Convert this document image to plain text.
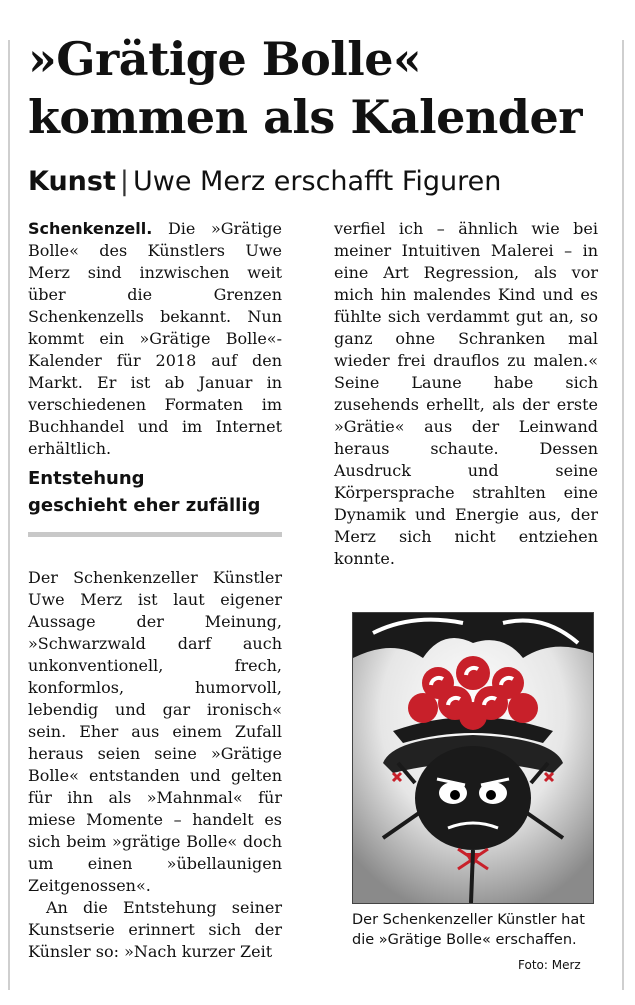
»Grätige Bolle«
kommen als Kalender
Kunst | Uwe Merz erschafft Figuren

Schenkenzell. Die »Grätige Bolle« des Künstlers Uwe Merz sind inzwischen weit über die Grenzen Schenkenzells bekannt. Nun kommt ein »Grätige Bolle«-Kalender für 2018 auf den Markt. Er ist ab Januar in verschiedenen Formaten im Buchhandel und im Internet erhältlich.

Entstehung
geschieht eher zufällig

Der Schenkenzeller Künstler Uwe Merz ist laut eigener Aussage der Meinung, »Schwarzwald darf auch unkonventionell, frech, konformlos, humorvoll, lebendig und gar ironisch« sein. Eher aus einem Zufall heraus seien seine »Grätige Bolle« entstanden und gelten für ihn als »Mahnmal« für miese Momente – handelt es sich beim »grätige Bolle« doch um einen »übellaunigen Zeitgenossen«.

An die Entstehung seiner Kunstserie erinnert sich der Künsler so: »Nach kurzer Zeit

verfiel ich – ähnlich wie bei meiner Intuitiven Malerei – in eine Art Regression, als vor mich hin malendes Kind und es fühlte sich verdammt gut an, so ganz ohne Schranken mal wieder frei drauflos zu malen.« Seine Laune habe sich zusehends erhellt, als der erste »Grätie« aus der Leinwand heraus schaute. Dessen Ausdruck und seine Körpersprache strahlten eine Dynamik und Energie aus, der Merz sich nicht entziehen konnte.

Der Schenkenzeller Künstler hat die »Grätige Bolle« erschaffen.
Foto: Merz
